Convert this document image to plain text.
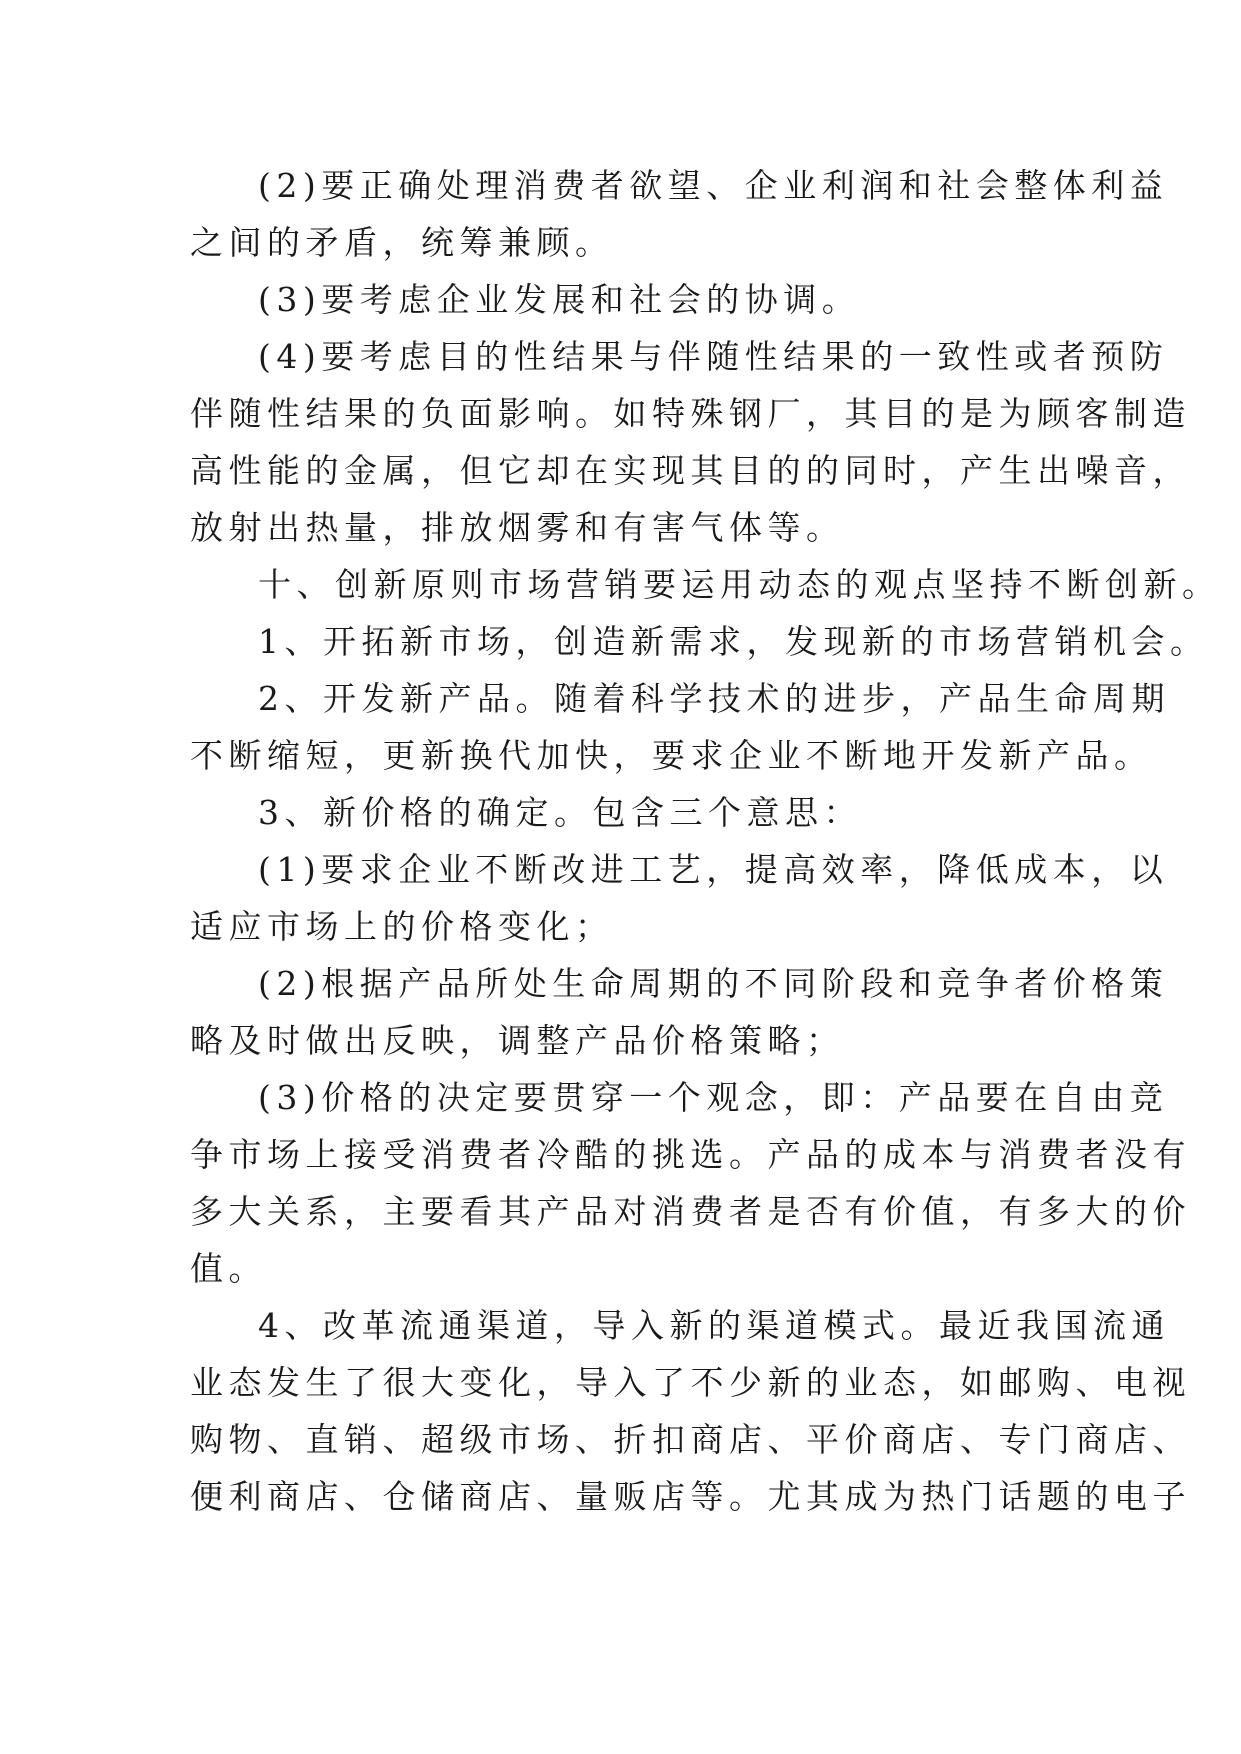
(2)要正确处理消费者欲望、企业利润和社会整体利益
之间的矛盾，统筹兼顾。
(3)要考虑企业发展和社会的协调。
(4)要考虑目的性结果与伴随性结果的一致性或者预防
伴随性结果的负面影响。如特殊钢厂，其目的是为顾客制造
高性能的金属，但它却在实现其目的的同时，产生出噪音，
放射出热量，排放烟雾和有害气体等。
十、创新原则市场营销要运用动态的观点坚持不断创新。
1、开拓新市场，创造新需求，发现新的市场营销机会。
2、开发新产品。随着科学技术的进步，产品生命周期
不断缩短，更新换代加快，要求企业不断地开发新产品。
3、新价格的确定。包含三个意思：
(1)要求企业不断改进工艺，提高效率，降低成本，以
适应市场上的价格变化；
(2)根据产品所处生命周期的不同阶段和竞争者价格策
略及时做出反映，调整产品价格策略；
(3)价格的决定要贯穿一个观念，即：产品要在自由竞
争市场上接受消费者冷酷的挑选。产品的成本与消费者没有
多大关系，主要看其产品对消费者是否有价值，有多大的价
值。
4、改革流通渠道，导入新的渠道模式。最近我国流通
业态发生了很大变化，导入了不少新的业态，如邮购、电视
购物、直销、超级市场、折扣商店、平价商店、专门商店、
便利商店、仓储商店、量贩店等。尤其成为热门话题的电子
